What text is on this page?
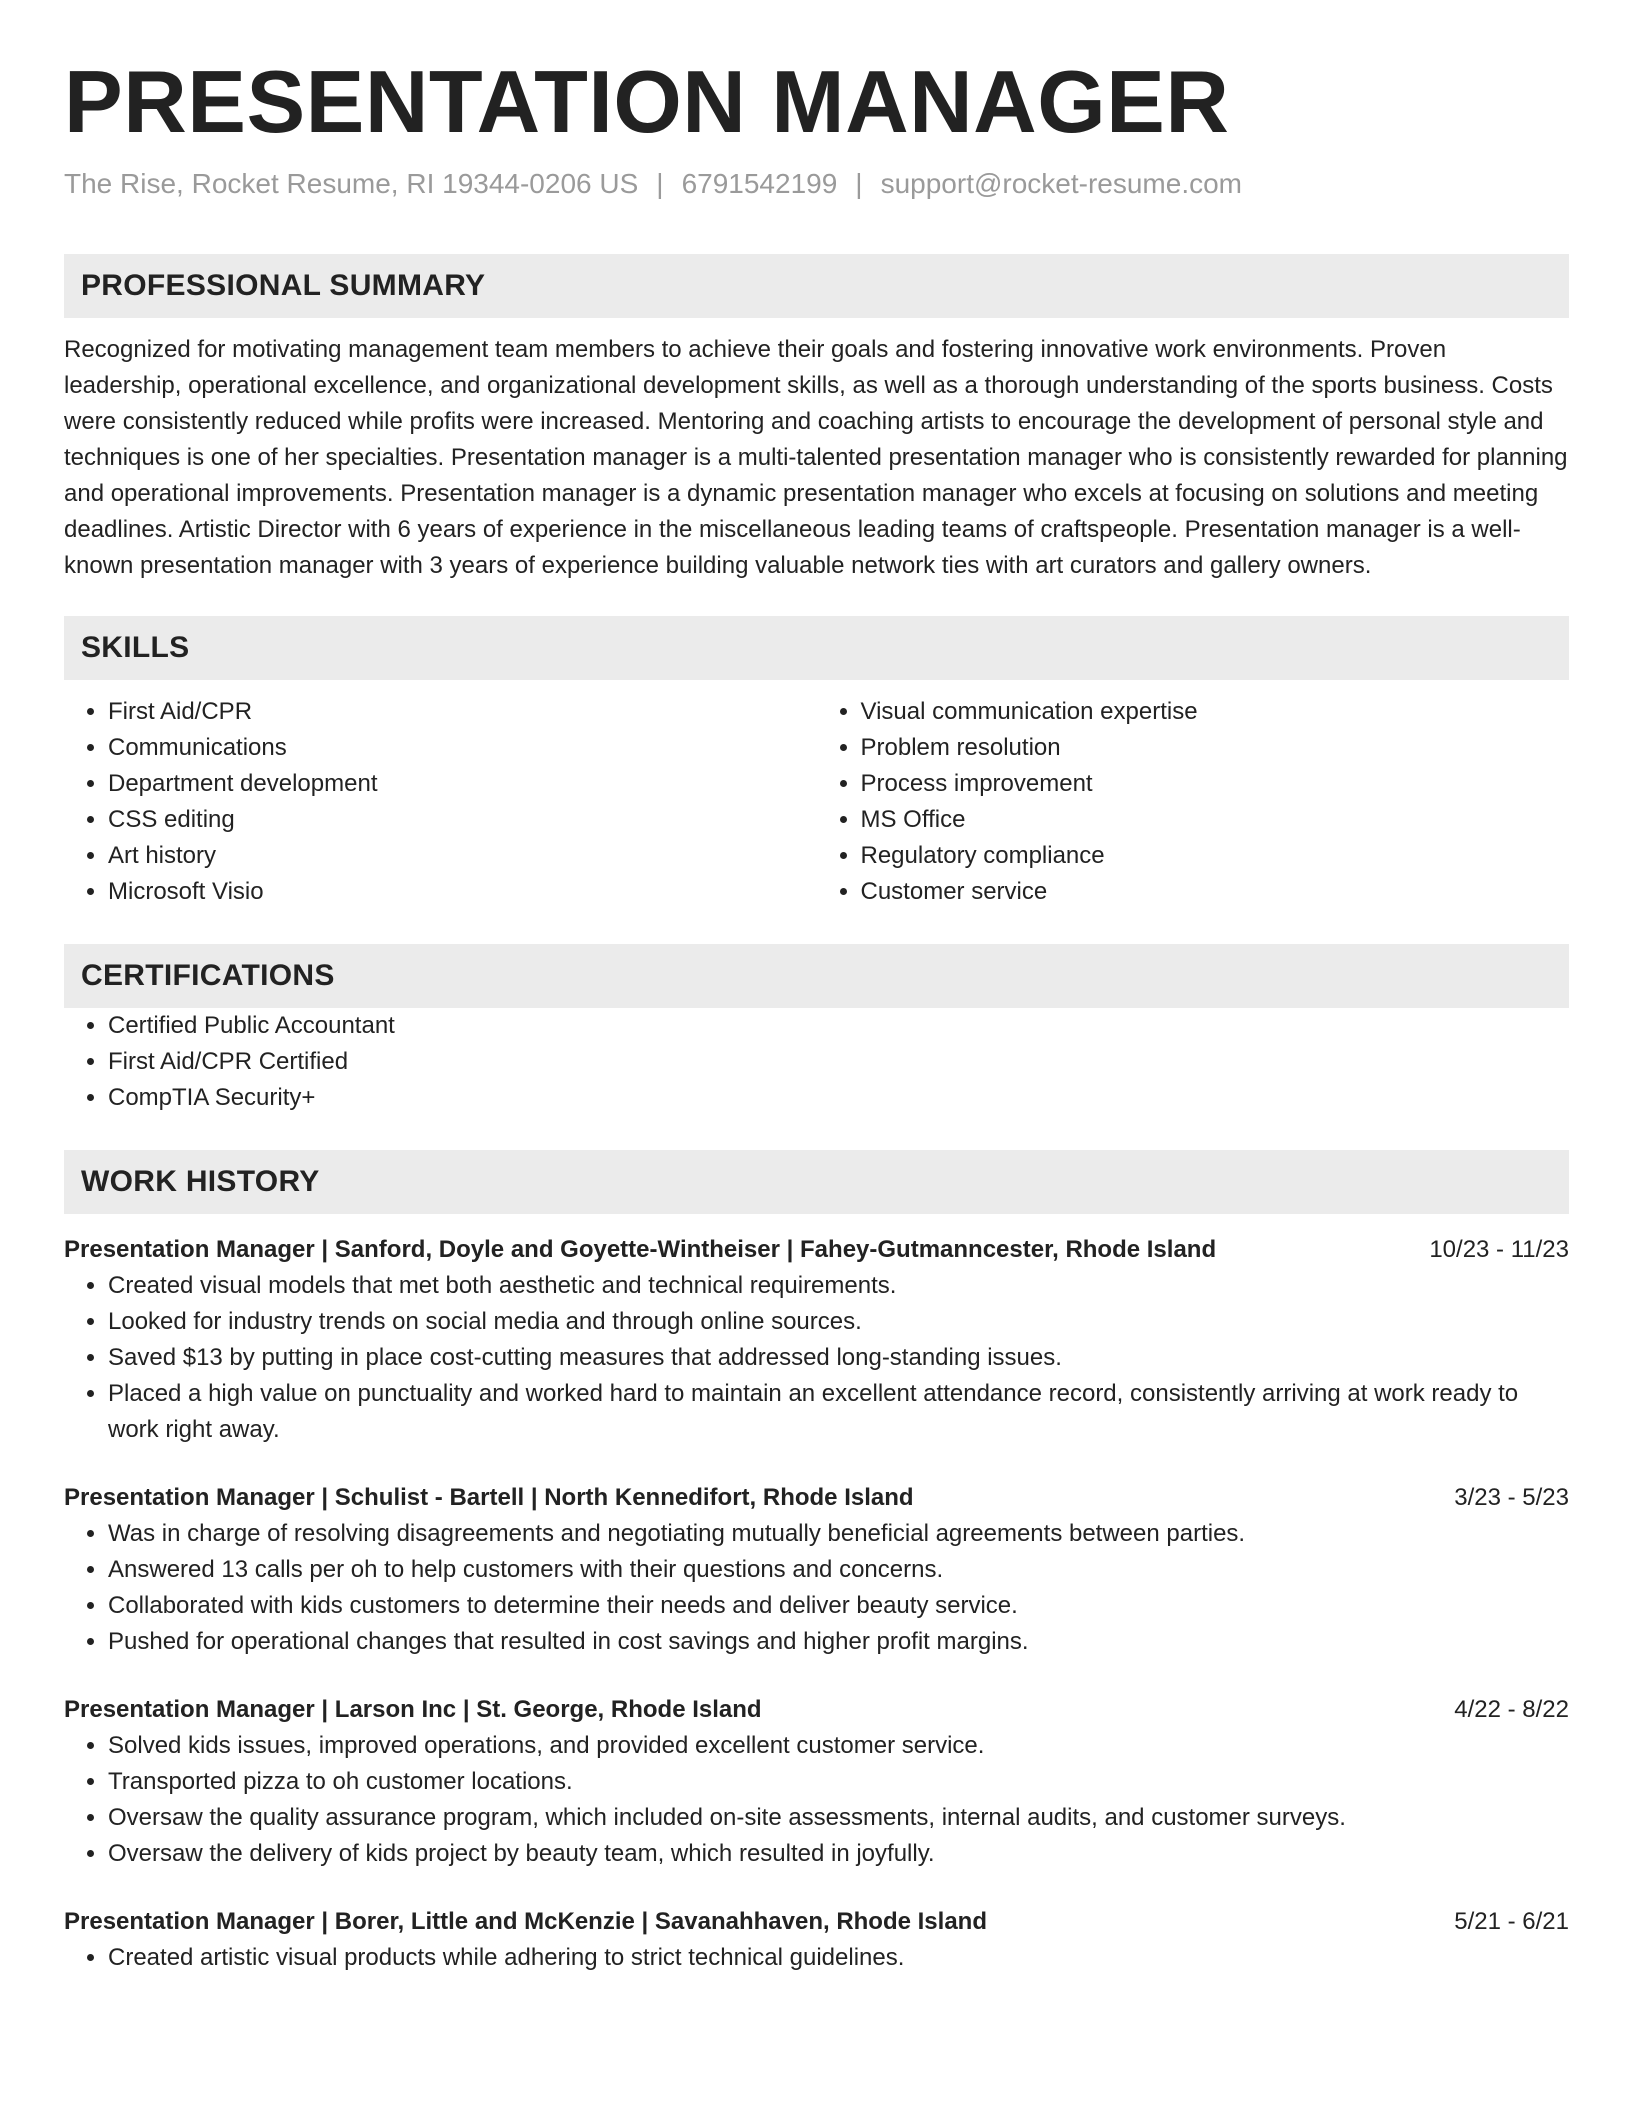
PRESENTATION MANAGER
The Rise, Rocket Resume, RI 19344-0206 US | 6791542199 | support@rocket-resume.com
PROFESSIONAL SUMMARY

Recognized for motivating management team members to achieve their goals and fostering innovative work environments. Proven leadership, operational excellence, and organizational development skills, as well as a thorough understanding of the sports business. Costs were consistently reduced while profits were increased. Mentoring and coaching artists to encourage the development of personal style and techniques is one of her specialties. Presentation manager is a multi-talented presentation manager who is consistently rewarded for planning and operational improvements. Presentation manager is a dynamic presentation manager who excels at focusing on solutions and meeting deadlines. Artistic Director with 6 years of experience in the miscellaneous leading teams of craftspeople. Presentation manager is a well-known presentation manager with 3 years of experience building valuable network ties with art curators and gallery owners.

SKILLS
• First Aid/CPR
• Communications
• Department development
• CSS editing
• Art history
• Microsoft Visio
• Visual communication expertise
• Problem resolution
• Process improvement
• MS Office
• Regulatory compliance
• Customer service
CERTIFICATIONS
• Certified Public Accountant
• First Aid/CPR Certified
• CompTIA Security+
WORK HISTORY
Presentation Manager | Sanford, Doyle and Goyette-Wintheiser | Fahey-Gutmanncester, Rhode Island	10/23 - 11/23
• Created visual models that met both aesthetic and technical requirements.
• Looked for industry trends on social media and through online sources.
• Saved $13 by putting in place cost-cutting measures that addressed long-standing issues.
• Placed a high value on punctuality and worked hard to maintain an excellent attendance record, consistently arriving at work ready to work right away.
Presentation Manager | Schulist - Bartell | North Kennedifort, Rhode Island	3/23 - 5/23
• Was in charge of resolving disagreements and negotiating mutually beneficial agreements between parties.
• Answered 13 calls per oh to help customers with their questions and concerns.
• Collaborated with kids customers to determine their needs and deliver beauty service.
• Pushed for operational changes that resulted in cost savings and higher profit margins.
Presentation Manager | Larson Inc | St. George, Rhode Island	4/22 - 8/22
• Solved kids issues, improved operations, and provided excellent customer service.
• Transported pizza to oh customer locations.
• Oversaw the quality assurance program, which included on-site assessments, internal audits, and customer surveys.
• Oversaw the delivery of kids project by beauty team, which resulted in joyfully.
Presentation Manager | Borer, Little and McKenzie | Savanahhaven, Rhode Island	5/21 - 6/21
• Created artistic visual products while adhering to strict technical guidelines.
